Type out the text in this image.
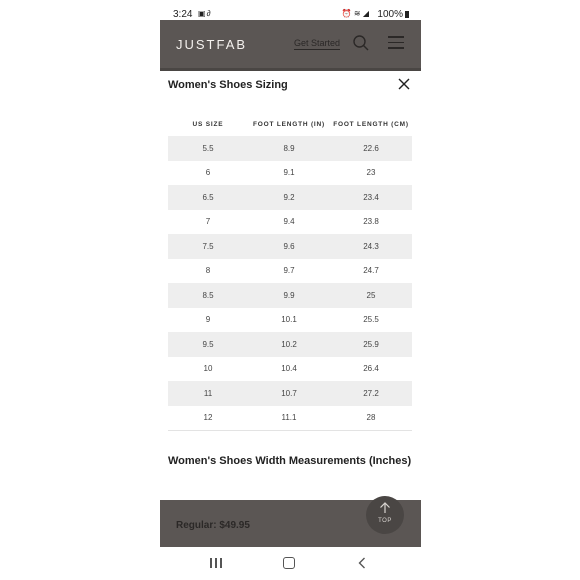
3:24 ▣∂	⏰ ≋ ◢ 100%
JUSTFAB	Get Started
Women's Shoes Sizing
US SIZE	FOOT LENGTH (IN)	FOOT LENGTH (CM)
5.5	8.9	22.6
6	9.1	23
6.5	9.2	23.4
7	9.4	23.8
7.5	9.6	24.3
8	9.7	24.7
8.5	9.9	25
9	10.1	25.5
9.5	10.2	25.9
10	10.4	26.4
11	10.7	27.2
12	11.1	28
Women's Shoes Width Measurements (Inches)
Regular: $49.95	TOP
